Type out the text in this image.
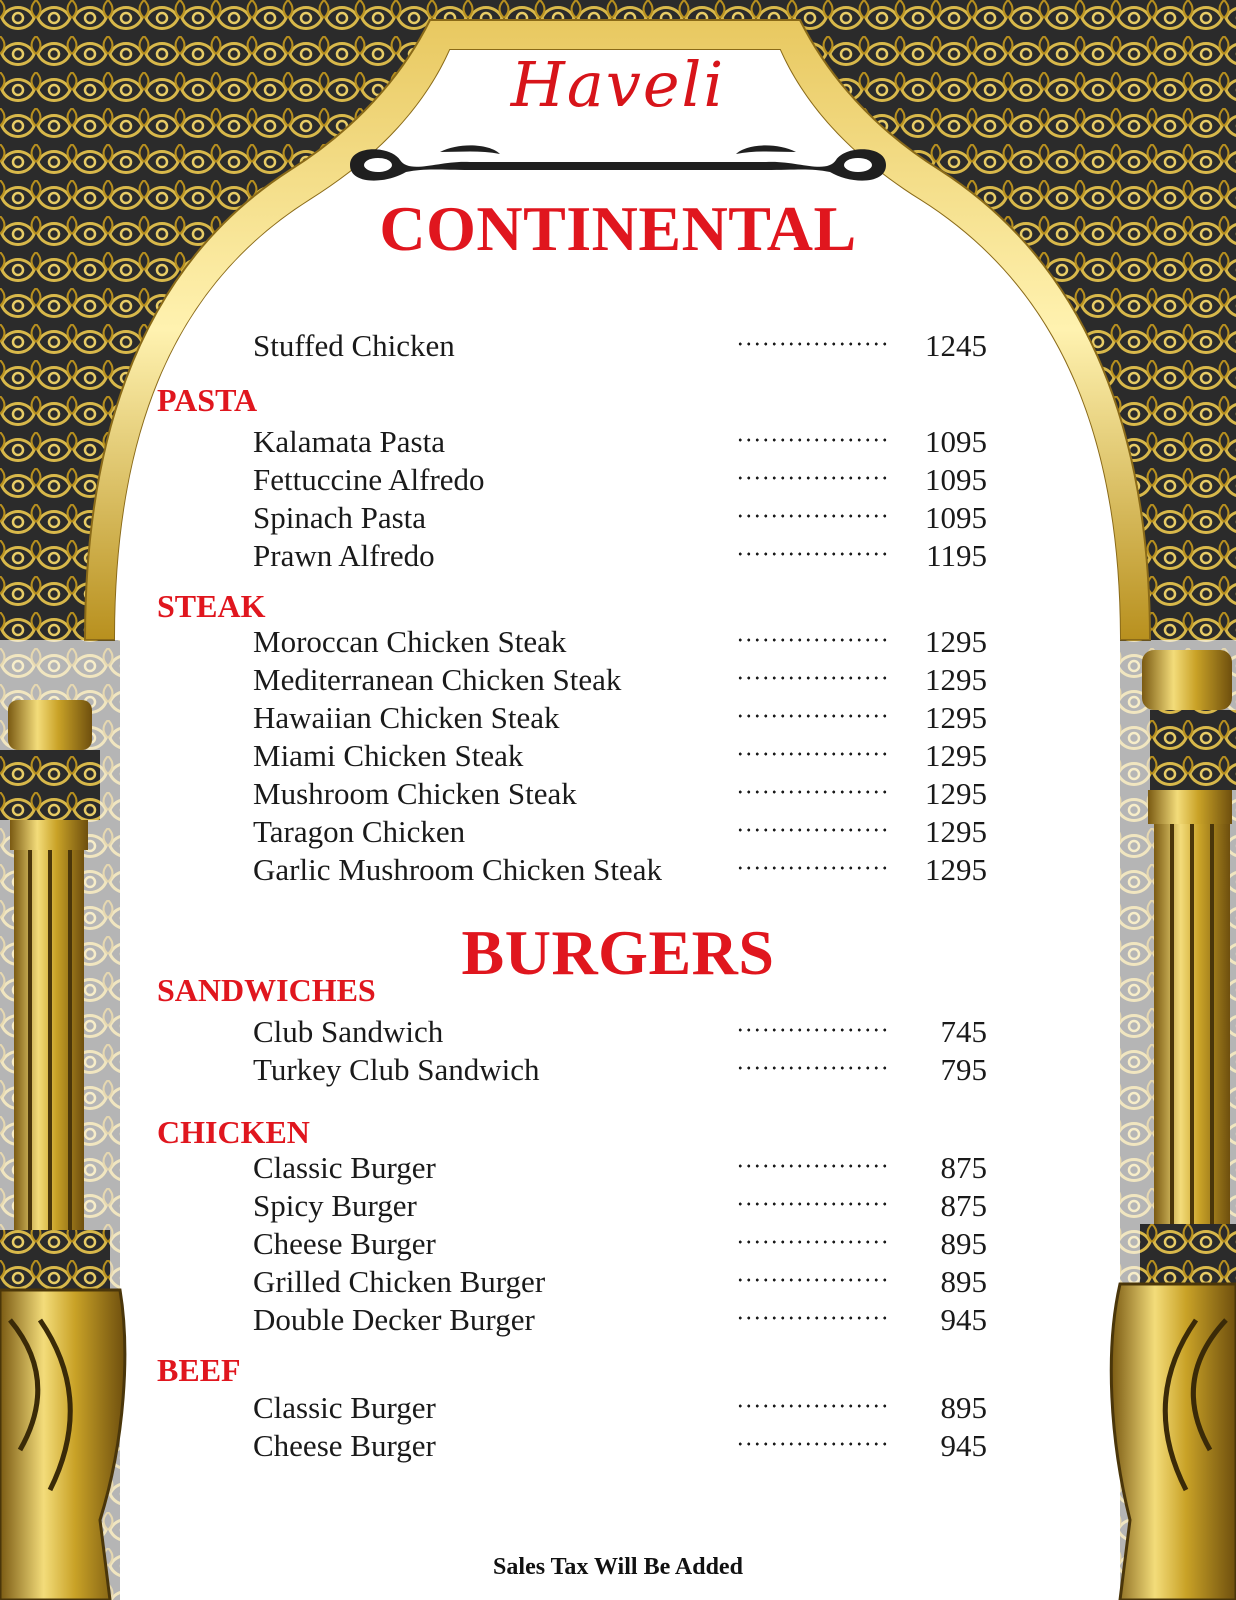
Haveli
CONTINENTAL
Stuffed Chicken	1245
PASTA
Kalamata Pasta	1095
Fettuccine Alfredo	1095
Spinach Pasta	1095
Prawn Alfredo	1195
STEAK
Moroccan Chicken Steak	1295
Mediterranean Chicken Steak	1295
Hawaiian Chicken Steak	1295
Miami Chicken Steak	1295
Mushroom Chicken Steak	1295
Taragon Chicken	1295
Garlic Mushroom Chicken Steak	1295
BURGERS
SANDWICHES
Club Sandwich	745
Turkey Club Sandwich	795
CHICKEN
Classic Burger	875
Spicy Burger	875
Cheese Burger	895
Grilled Chicken Burger	895
Double Decker Burger	945
BEEF
Classic Burger	895
Cheese Burger	945
Sales Tax Will Be Added
